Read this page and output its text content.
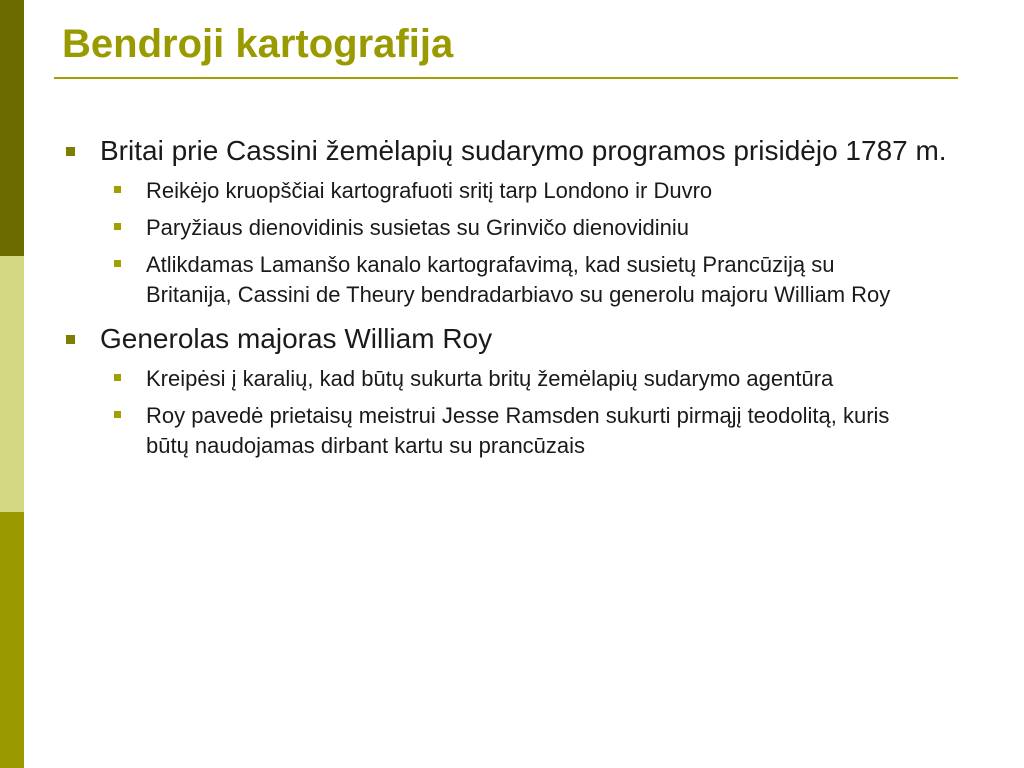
Bendroji kartografija
Britai prie Cassini žemėlapių sudarymo programos prisidėjo 1787 m.
Reikėjo kruopščiai kartografuoti sritį tarp Londono ir Duvro
Paryžiaus dienovidinis susietas su Grinvičo dienovidiniu
Atlikdamas Lamanšo kanalo kartografavimą, kad susietų Prancūziją su Britanija, Cassini de Theury bendradarbiavo su generolu majoru William Roy
Generolas majoras William Roy
Kreipėsi į karalių, kad būtų sukurta britų žemėlapių sudarymo agentūra
Roy pavedė prietaisų meistrui Jesse Ramsden sukurti pirmąjį teodolitą, kuris būtų naudojamas dirbant kartu su prancūzais
